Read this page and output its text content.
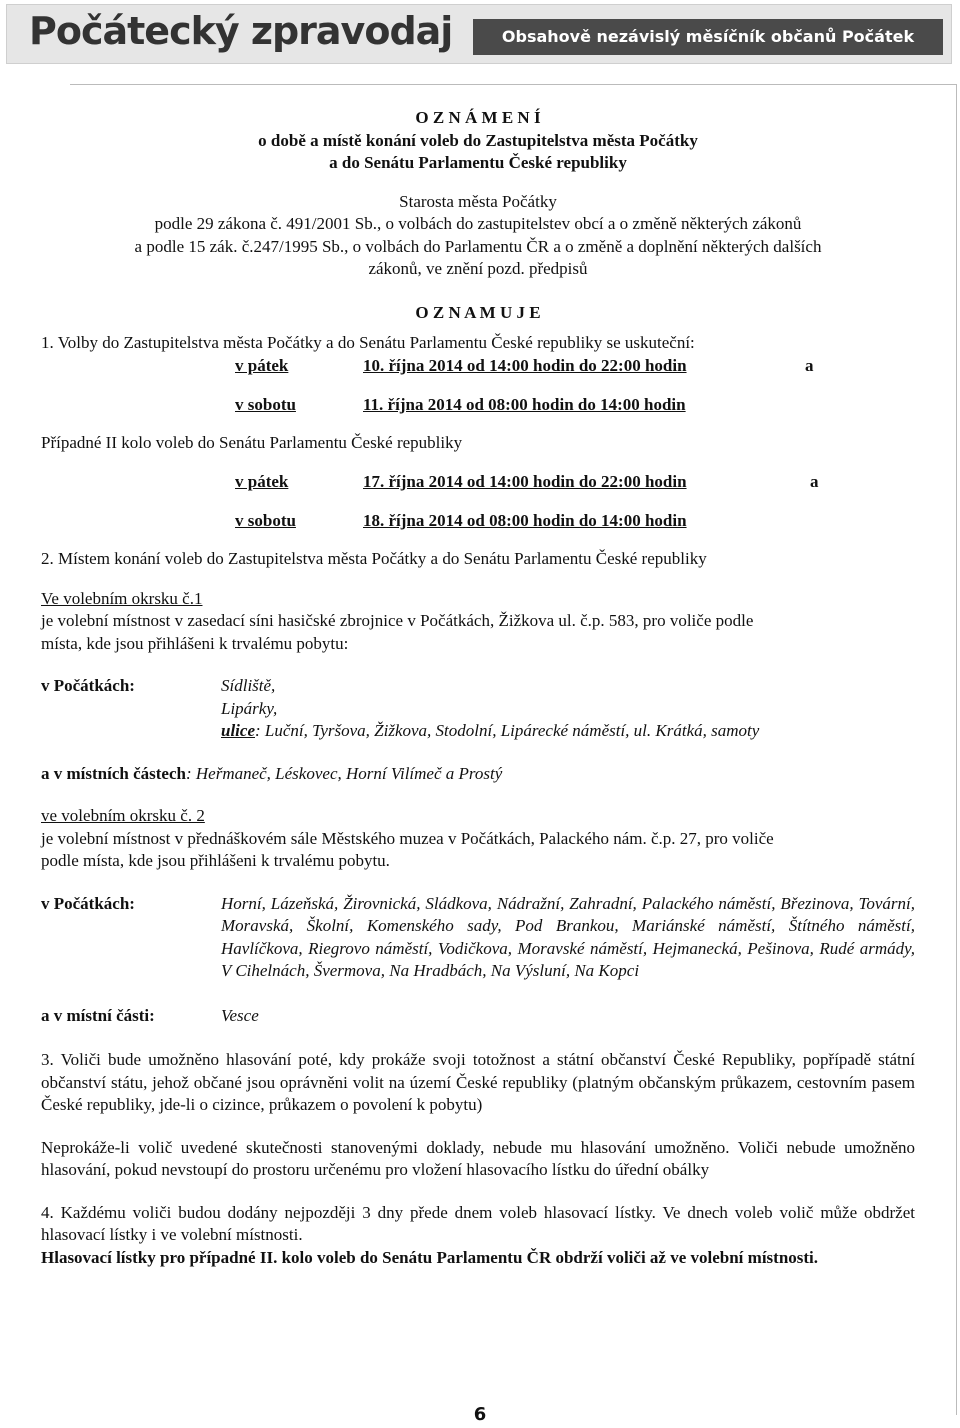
Počátecký zpravodaj	Obsahově nezávislý měsíčník občanů Počátek

O Z N Á M E N Í

o době a místě konání voleb do Zastupitelstva města Počátky

a do Senátu Parlamentu České republiky

Starosta města Počátky

podle 29 zákona č. 491/2001 Sb., o volbách do zastupitelstev obcí a o změně některých zákonů

a podle 15 zák. č.247/1995 Sb., o volbách do Parlamentu ČR a o změně a doplnění některých dalších

zákonů, ve znění pozd. předpisů

O Z N A M U J E

1. Volby do Zastupitelstva města Počátky a do Senátu Parlamentu České republiky se uskuteční:

v pátek	10. října 2014 od 14:00 hodin do 22:00 hodin	a
v sobotu	11. října 2014 od 08:00 hodin do 14:00 hodin

Případné II kolo voleb do Senátu Parlamentu České republiky

v pátek	17. října 2014 od 14:00 hodin do 22:00 hodin	a
v sobotu	18. října 2014 od 08:00 hodin do 14:00 hodin

2. Místem konání voleb do Zastupitelstva města Počátky a do Senátu Parlamentu České republiky

Ve volebním okrsku č.1

je volební místnost v zasedací síni hasičské zbrojnice v Počátkách, Žižkova ul. č.p. 583, pro voliče podle

místa, kde jsou přihlášeni k trvalému pobytu:

v Počátkách:	Sídliště,

Lipárky,

ulice: Luční, Tyršova, Žižkova, Stodolní, Lipárecké náměstí, ul. Krátká, samoty

a v místních částech: Heřmaneč, Léskovec, Horní Vilímeč a Prostý

ve volebním okrsku č. 2

je volební místnost v přednáškovém sále Městského muzea v Počátkách, Palackého nám. č.p. 27, pro voliče

podle místa, kde jsou přihlášeni k trvalému pobytu.

v Počátkách:	Horní, Lázeňská, Žirovnická, Sládkova, Nádražní, Zahradní, Palackého náměstí, Březinova, Tovární, Moravská, Školní, Komenského sady, Pod Brankou, Mariánské náměstí, Štítného náměstí, Havlíčkova, Riegrovo náměstí, Vodičkova, Moravské náměstí, Hejmanecká, Pešinova, Rudé armády, V Cihelnách, Švermova, Na Hradbách, Na Výsluní, Na Kopci
a v místní části:	Vesce

3. Voliči bude umožněno hlasování poté, kdy prokáže svoji totožnost a státní občanství České Republiky, popřípadě státní občanství státu, jehož občané jsou oprávněni volit na území České republiky (platným občanským průkazem, cestovním pasem České republiky, jde-li o cizince, průkazem o povolení k pobytu)

Neprokáže-li volič uvedené skutečnosti stanovenými doklady, nebude mu hlasování umožněno. Voliči nebude umožněno hlasování, pokud nevstoupí do prostoru určenému pro vložení hlasovacího lístku do úřední obálky

4. Každému voliči budou dodány nejpozději 3 dny přede dnem voleb hlasovací lístky. Ve dnech voleb volič může obdržet hlasovací lístky i ve volební místnosti.

Hlasovací lístky pro případné II. kolo voleb do Senátu Parlamentu ČR obdrží voliči až ve volební místnosti.

6
